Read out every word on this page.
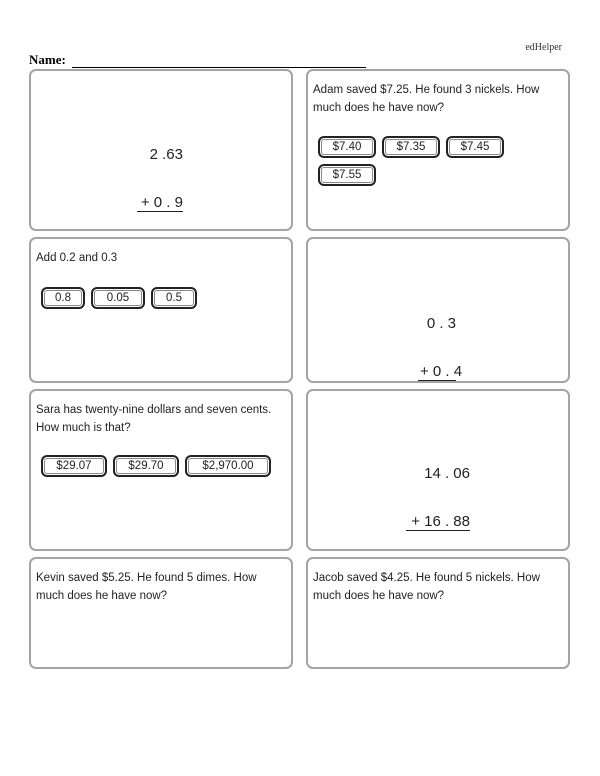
edHelper
Name:

2 .63

+ 0 . 9

Adam saved $7.25. He found 3 nickels. How much does he have now?
$7.40	$7.35	$7.45
$7.55
Add 0.2 and 0.3
0.8	0.05	0.5

0 . 3

+ 0 . 4

Sara has twenty-nine dollars and seven cents. How much is that?
$29.07	$29.70	$2,970.00

	14 . 06

+ 16 . 88

Kevin saved $5.25. He found 5 dimes. How much does he have now?
Jacob saved $4.25. He found 5 nickels. How much does he have now?
